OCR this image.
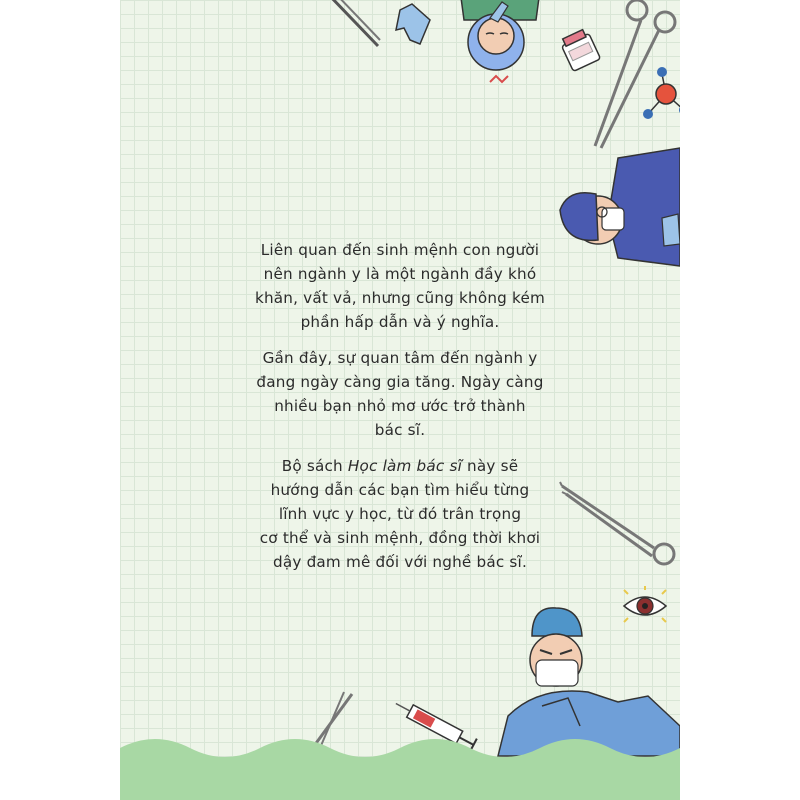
Liên quan đến sinh mệnh con người
nên ngành y là một ngành đầy khó
khăn, vất vả, nhưng cũng không kém
phần hấp dẫn và ý nghĩa.

Gần đây, sự quan tâm đến ngành y
đang ngày càng gia tăng. Ngày càng
nhiều bạn nhỏ mơ ước trở thành
bác sĩ.

Bộ sách Học làm bác sĩ này sẽ
hướng dẫn các bạn tìm hiểu từng
lĩnh vực y học, từ đó trân trọng
cơ thể và sinh mệnh, đồng thời khơi
dậy đam mê đối với nghề bác sĩ.
